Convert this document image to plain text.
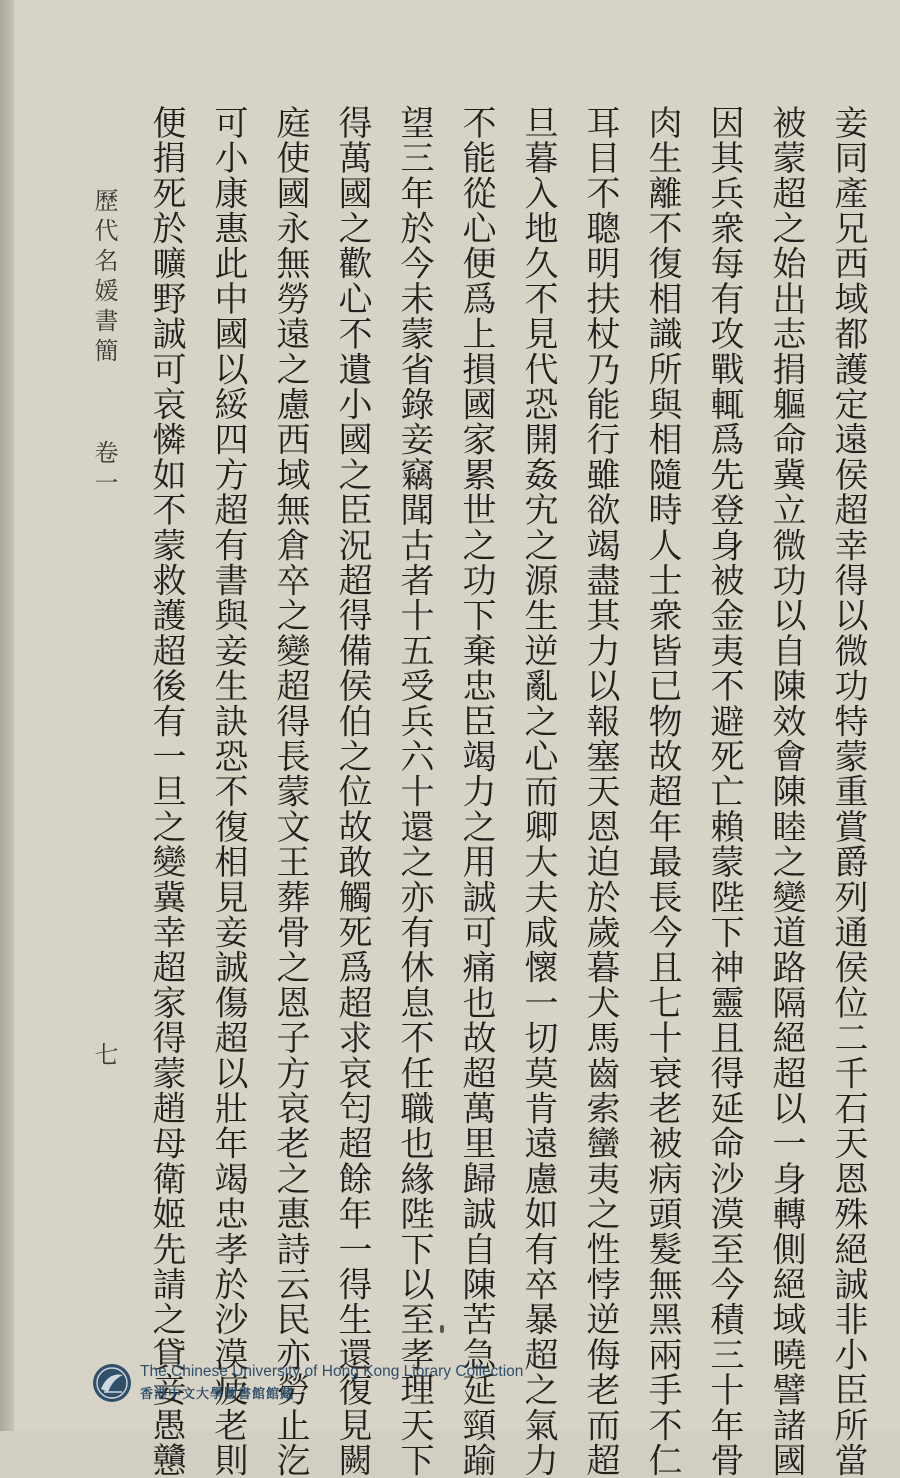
妾同產兄西域都護定遠侯超幸得以微功特蒙重賞爵列通侯位二千石天恩殊絕誠非小臣所當
被蒙超之始出志捐軀命冀立微功以自陳效會陳睦之變道路隔絕超以一身轉側絕域曉譬諸國
因其兵衆每有攻戰輒爲先登身被金夷不避死亡賴蒙陛下神靈且得延命沙漠至今積三十年骨
肉生離不復相識所與相隨時人士衆皆已物故超年最長今且七十衰老被病頭髮無黑兩手不仁
耳目不聰明扶杖乃能行雖欲竭盡其力以報塞天恩迫於歲暮犬馬齒索蠻夷之性悖逆侮老而超
旦暮入地久不見代恐開姦宄之源生逆亂之心而卿大夫咸懷一切莫肯遠慮如有卒暴超之氣力
不能從心便爲上損國家累世之功下棄忠臣竭力之用誠可痛也故超萬里歸誠自陳苦急延頸踰
望三年於今未蒙省錄妾竊聞古者十五受兵六十還之亦有休息不任職也緣陛下以至孝理天下
得萬國之歡心不遺小國之臣況超得備侯伯之位故敢觸死爲超求哀匄超餘年一得生還復見闕
庭使國永無勞遠之慮西域無倉卒之變超得長蒙文王葬骨之恩子方哀老之惠詩云民亦勞止汔
可小康惠此中國以綏四方超有書與妾生訣恐不復相見妾誠傷超以壯年竭忠孝於沙漠疲老則
便捐死於曠野誠可哀憐如不蒙救護超後有一旦之變冀幸超家得蒙趙母衛姬先請之貸妾愚戇
歷代名媛書簡
卷一
七
The Chinese University of Hong Kong Library Collection
香港中文大學圖書館館藏
